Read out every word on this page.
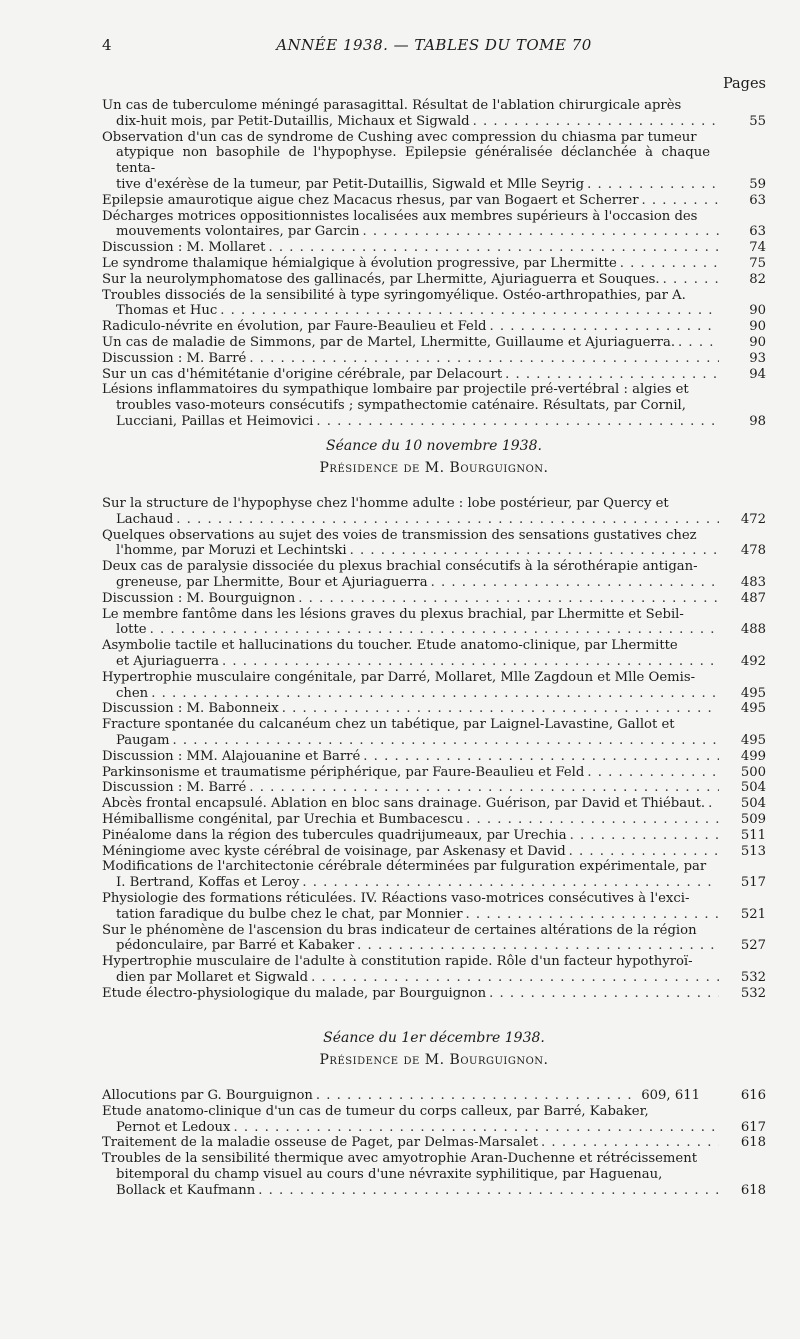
4	ANNÉE 1938. — TABLES DU TOME 70
Pages
Un cas de tuberculome méningé parasagittal. Résultat de l'ablation chirurgicale après
dix-huit mois, par Petit-Dutaillis, Michaux et Sigwald . . .	55
Observation d'un cas de syndrome de Cushing avec compression du chiasma par tumeur
atypique non basophile de l'hypophyse. Epilepsie généralisée déclanchée à chaque tenta-
tive d'exérèse de la tumeur, par Petit-Dutaillis, Sigwald et Mlle Seyrig . . .	59
Epilepsie amaurotique aigue chez Macacus rhesus, par van Bogaert et Scherrer . . .	63
Décharges motrices oppositionnistes localisées aux membres supérieurs à l'occasion des
mouvements volontaires, par Garcin . . .	63
Discussion : M. Mollaret . . .	74
Le syndrome thalamique hémialgique à évolution progressive, par Lhermitte . . .	75
Sur la neurolymphomatose des gallinacés, par Lhermitte, Ajuriaguerra et Souques. . . .	82
Troubles dissociés de la sensibilité à type syringomyélique. Ostéo-arthropathies, par A.
Thomas et Huc . . .	90
Radiculo-névrite en évolution, par Faure-Beaulieu et Feld . . .	90
Un cas de maladie de Simmons, par de Martel, Lhermitte, Guillaume et Ajuriaguerra. . . .	90
Discussion : M. Barré . . .	93
Sur un cas d'hémitétanie d'origine cérébrale, par Delacourt . . .	94
Lésions inflammatoires du sympathique lombaire par projectile pré-vertébral : algies et
troubles vaso-moteurs consécutifs ; sympathectomie caténaire. Résultats, par Cornil,
Lucciani, Paillas et Heimovici . . .	98
Séance du 10 novembre 1938.
Présidence de M. Bourguignon.
Sur la structure de l'hypophyse chez l'homme adulte : lobe postérieur, par Quercy et
Lachaud . . .	472
Quelques observations au sujet des voies de transmission des sensations gustatives chez
l'homme, par Moruzi et Lechintski . . .	478
Deux cas de paralysie dissociée du plexus brachial consécutifs à la sérothérapie antigan-
greneuse, par Lhermitte, Bour et Ajuriaguerra . . .	483
Discussion : M. Bourguignon . . .	487
Le membre fantôme dans les lésions graves du plexus brachial, par Lhermitte et Sebil-
lotte . . .	488
Asymbolie tactile et hallucinations du toucher. Etude anatomo-clinique, par Lhermitte
et Ajuriaguerra . . .	492
Hypertrophie musculaire congénitale, par Darré, Mollaret, Mlle Zagdoun et Mlle Oemis-
chen . . .	495
Discussion : M. Babonneix . . .	495
Fracture spontanée du calcanéum chez un tabétique, par Laignel-Lavastine, Gallot et
Paugam . . .	495
Discussion : MM. Alajouanine et Barré . . .	499
Parkinsonisme et traumatisme périphérique, par Faure-Beaulieu et Feld . . .	500
Discussion : M. Barré . . .	504
Abcès frontal encapsulé. Ablation en bloc sans drainage. Guérison, par David et Thiébaut. . . .	504
Hémiballisme congénital, par Urechia et Bumbacescu . . .	509
Pinéalome dans la région des tubercules quadrijumeaux, par Urechia . . .	511
Méningiome avec kyste cérébral de voisinage, par Askenasy et David . . .	513
Modifications de l'architectonie cérébrale déterminées par fulguration expérimentale, par
I. Bertrand, Koffas et Leroy . . .	517
Physiologie des formations réticulées. IV. Réactions vaso-motrices consécutives à l'exci-
tation faradique du bulbe chez le chat, par Monnier . . .	521
Sur le phénomène de l'ascension du bras indicateur de certaines altérations de la région
pédonculaire, par Barré et Kabaker . . .	527
Hypertrophie musculaire de l'adulte à constitution rapide. Rôle d'un facteur hypothyroï-
dien par Mollaret et Sigwald . . .	532
Etude électro-physiologique du malade, par Bourguignon . . .	532
Séance du 1er décembre 1938.
Présidence de M. Bourguignon.
Allocutions par G. Bourguignon . . .	609, 611	616
Etude anatomo-clinique d'un cas de tumeur du corps calleux, par Barré, Kabaker,
Pernot et Ledoux . . .	617
Traitement de la maladie osseuse de Paget, par Delmas-Marsalet . . .	618
Troubles de la sensibilité thermique avec amyotrophie Aran-Duchenne et rétrécissement
bitemporal du champ visuel au cours d'une névraxite syphilitique, par Haguenau,
Bollack et Kaufmann . . .	618
